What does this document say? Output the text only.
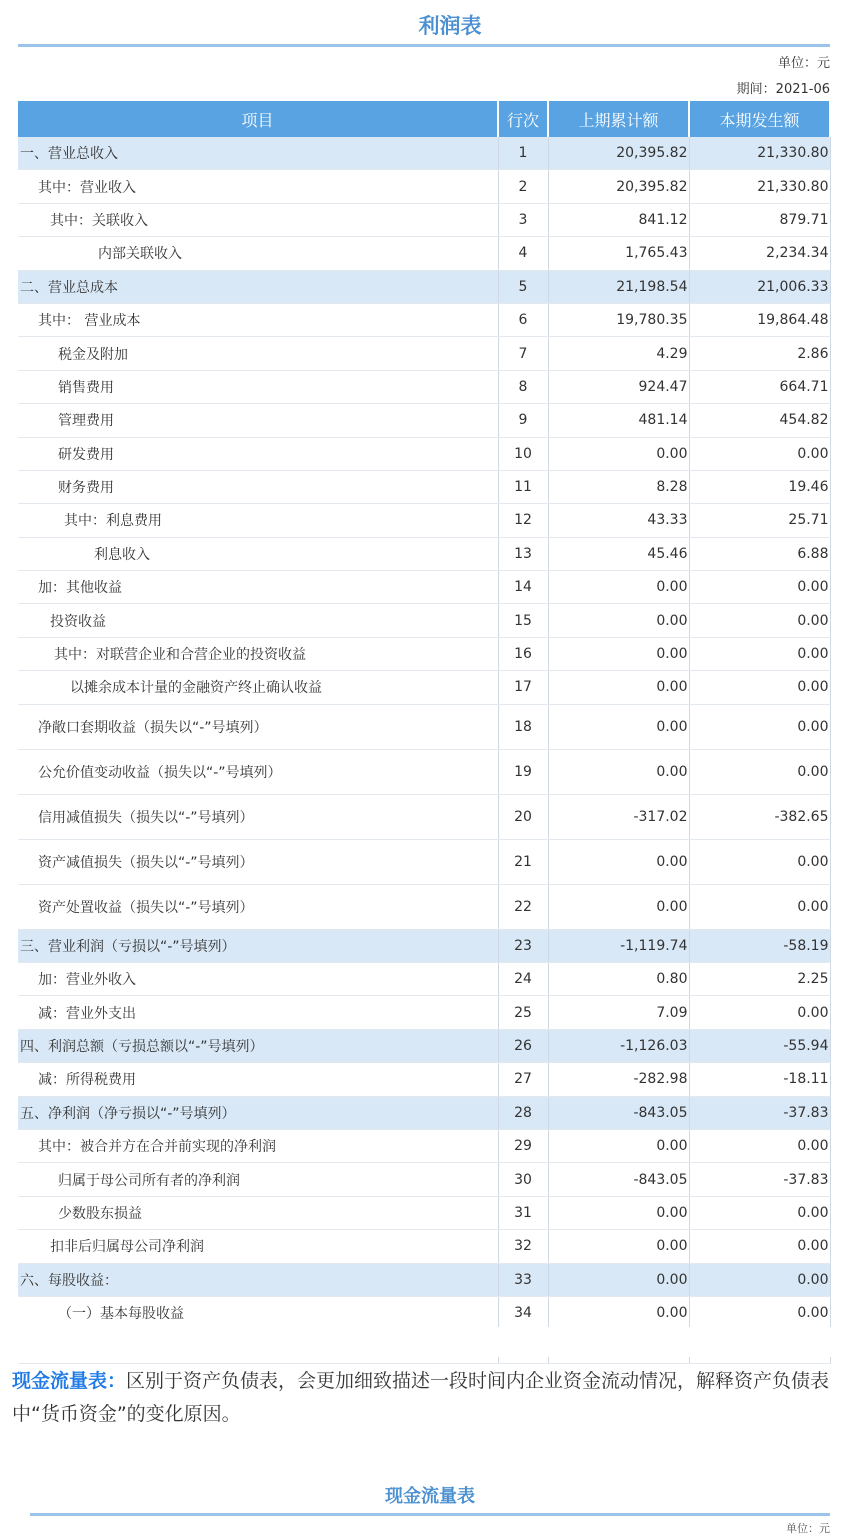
利润表
单位：元
期间：2021-06
项目	行次	上期累计额	本期发生额
一、营业总收入	1	20,395.82	21,330.80
其中：营业收入	2	20,395.82	21,330.80
其中：关联收入	3	841.12	879.71
内部关联收入	4	1,765.43	2,234.34
二、营业总成本	5	21,198.54	21,006.33
其中： 营业成本	6	19,780.35	19,864.48
税金及附加	7	4.29	2.86
销售费用	8	924.47	664.71
管理费用	9	481.14	454.82
研发费用	10	0.00	0.00
财务费用	11	8.28	19.46
其中：利息费用	12	43.33	25.71
利息收入	13	45.46	6.88
加：其他收益	14	0.00	0.00
投资收益	15	0.00	0.00
其中：对联营企业和合营企业的投资收益	16	0.00	0.00
以摊余成本计量的金融资产终止确认收益	17	0.00	0.00
净敞口套期收益（损失以“-”号填列）	18	0.00	0.00
公允价值变动收益（损失以“-”号填列）	19	0.00	0.00
信用减值损失（损失以“-”号填列）	20	-317.02	-382.65
资产减值损失（损失以“-”号填列）	21	0.00	0.00
资产处置收益（损失以“-”号填列）	22	0.00	0.00
三、营业利润（亏损以“-”号填列）	23	-1,119.74	-58.19
加：营业外收入	24	0.80	2.25
减：营业外支出	25	7.09	0.00
四、利润总额（亏损总额以“-”号填列）	26	-1,126.03	-55.94
减：所得税费用	27	-282.98	-18.11
五、净利润（净亏损以“-”号填列）	28	-843.05	-37.83
其中：被合并方在合并前实现的净利润	29	0.00	0.00
归属于母公司所有者的净利润	30	-843.05	-37.83
少数股东损益	31	0.00	0.00
扣非后归属母公司净利润	32	0.00	0.00
六、每股收益：	33	0.00	0.00
（一）基本每股收益	34	0.00	0.00

现金流量表：区别于资产负债表，会更加细致描述一段时间内企业资金流动情况，解释资产负债表中“货币资金”的变化原因。
现金流量表
单位：元
